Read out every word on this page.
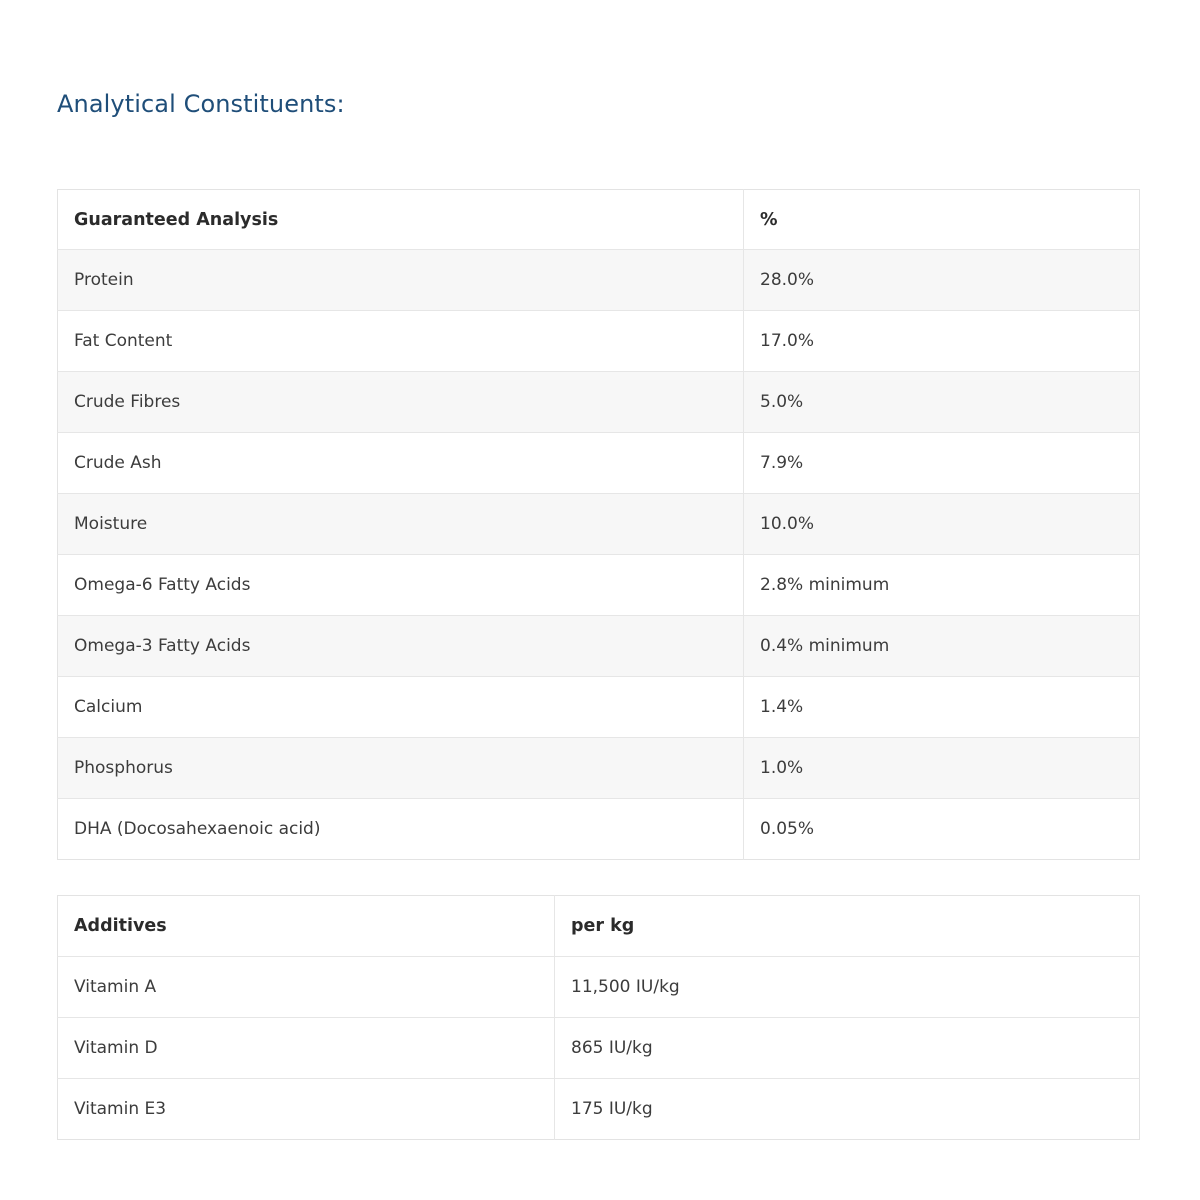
Analytical Constituents:
Guaranteed Analysis	%
Protein	28.0%
Fat Content	17.0%
Crude Fibres	5.0%
Crude Ash	7.9%
Moisture	10.0%
Omega-6 Fatty Acids	2.8% minimum
Omega-3 Fatty Acids	0.4% minimum
Calcium	1.4%
Phosphorus	1.0%
DHA (Docosahexaenoic acid)	0.05%
Additives	per kg
Vitamin A	11,500 IU/kg
Vitamin D	865 IU/kg
Vitamin E3	175 IU/kg
